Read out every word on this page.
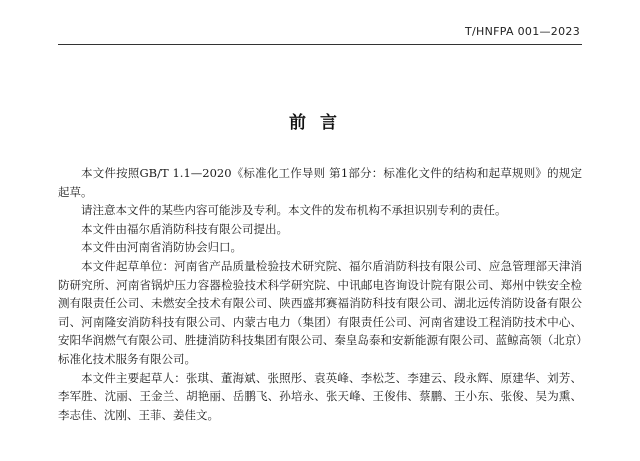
T/HNFPA 001—2023
前言

本文件按照GB/T 1.1—2020《标准化工作导则 第1部分：标准化文件的结构和起草规则》的规定起草。

请注意本文件的某些内容可能涉及专利。本文件的发布机构不承担识别专利的责任。

本文件由福尔盾消防科技有限公司提出。

本文件由河南省消防协会归口。

本文件起草单位：河南省产品质量检验技术研究院、福尔盾消防科技有限公司、应急管理部天津消防研究所、河南省锅炉压力容器检验技术科学研究院、中讯邮电咨询设计院有限公司、郑州中铁安全检测有限责任公司、未燃安全技术有限公司、陕西盛邦赛福消防科技有限公司、湖北远传消防设备有限公司、河南隆安消防科技有限公司、内蒙古电力（集团）有限责任公司、河南省建设工程消防技术中心、安阳华润燃气有限公司、胜捷消防科技集团有限公司、秦皇岛泰和安新能源有限公司、蓝鲸高领（北京）标准化技术服务有限公司。

本文件主要起草人：张琪、董海斌、张照彤、袁英峰、李松芝、李建云、段永辉、原建华、刘芳、李军胜、沈丽、王金兰、胡艳丽、岳鹏飞、孙培永、张天峰、王俊伟、蔡鹏、王小东、张俊、吴为熏、李志佳、沈刚、王菲、姜佳文。
